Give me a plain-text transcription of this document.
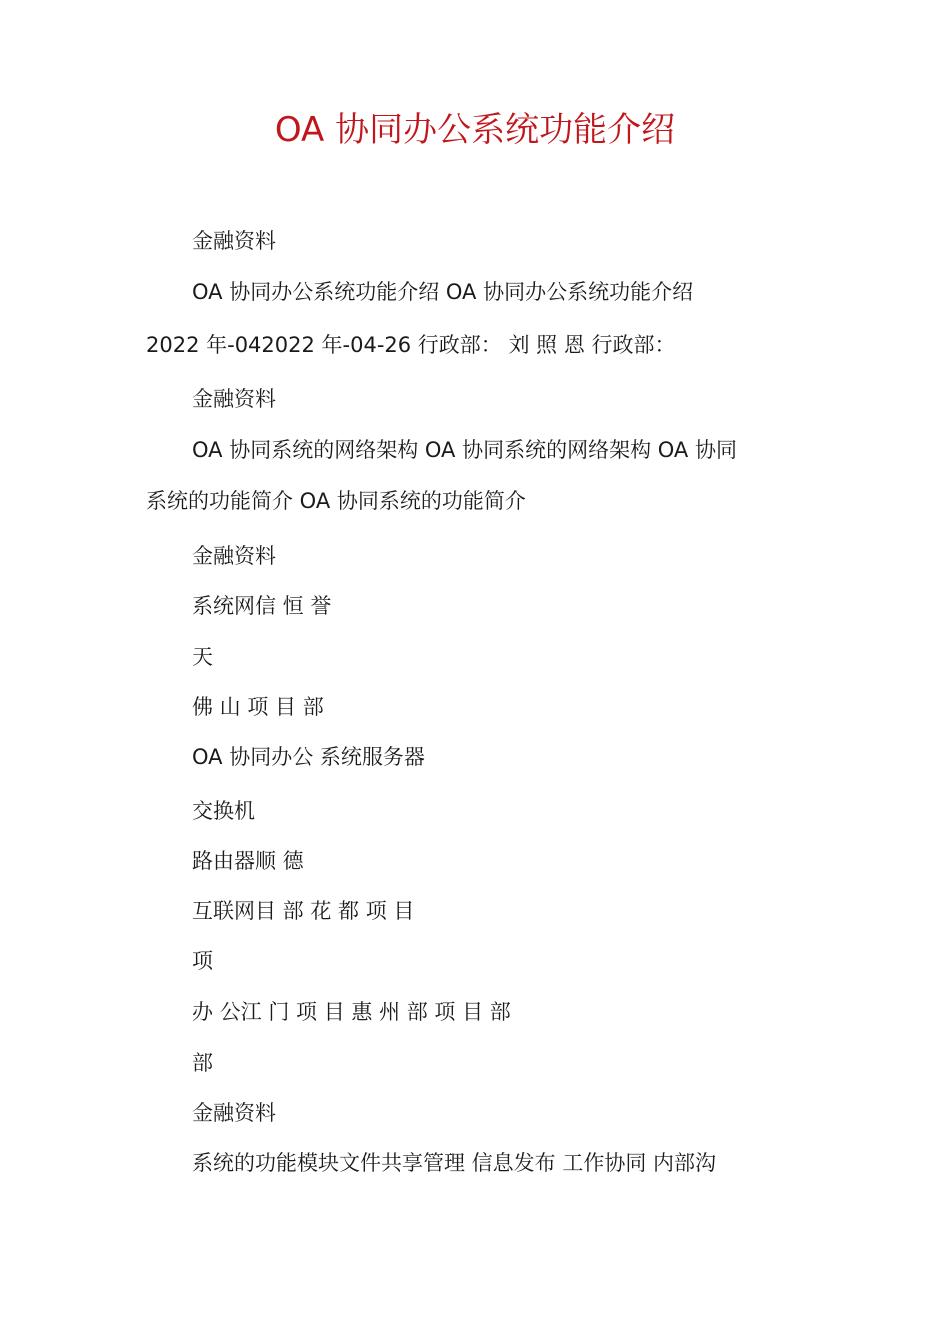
OA 协同办公系统功能介绍
金融资料
OA 协同办公系统功能介绍 OA 协同办公系统功能介绍
2022 年-042022 年-04-26 行政部： 刘 照 恩 行政部：
金融资料
OA 协同系统的网络架构 OA 协同系统的网络架构 OA 协同
系统的功能简介 OA 协同系统的功能简介
金融资料
系统网信 恒 誉
天
佛 山 项 目 部
OA 协同办公 系统服务器
交换机
路由器顺 德
互联网目 部 花 都 项 目
项
办 公江 门 项 目 惠 州 部 项 目 部
部
金融资料
系统的功能模块文件共享管理 信息发布 工作协同 内部沟
